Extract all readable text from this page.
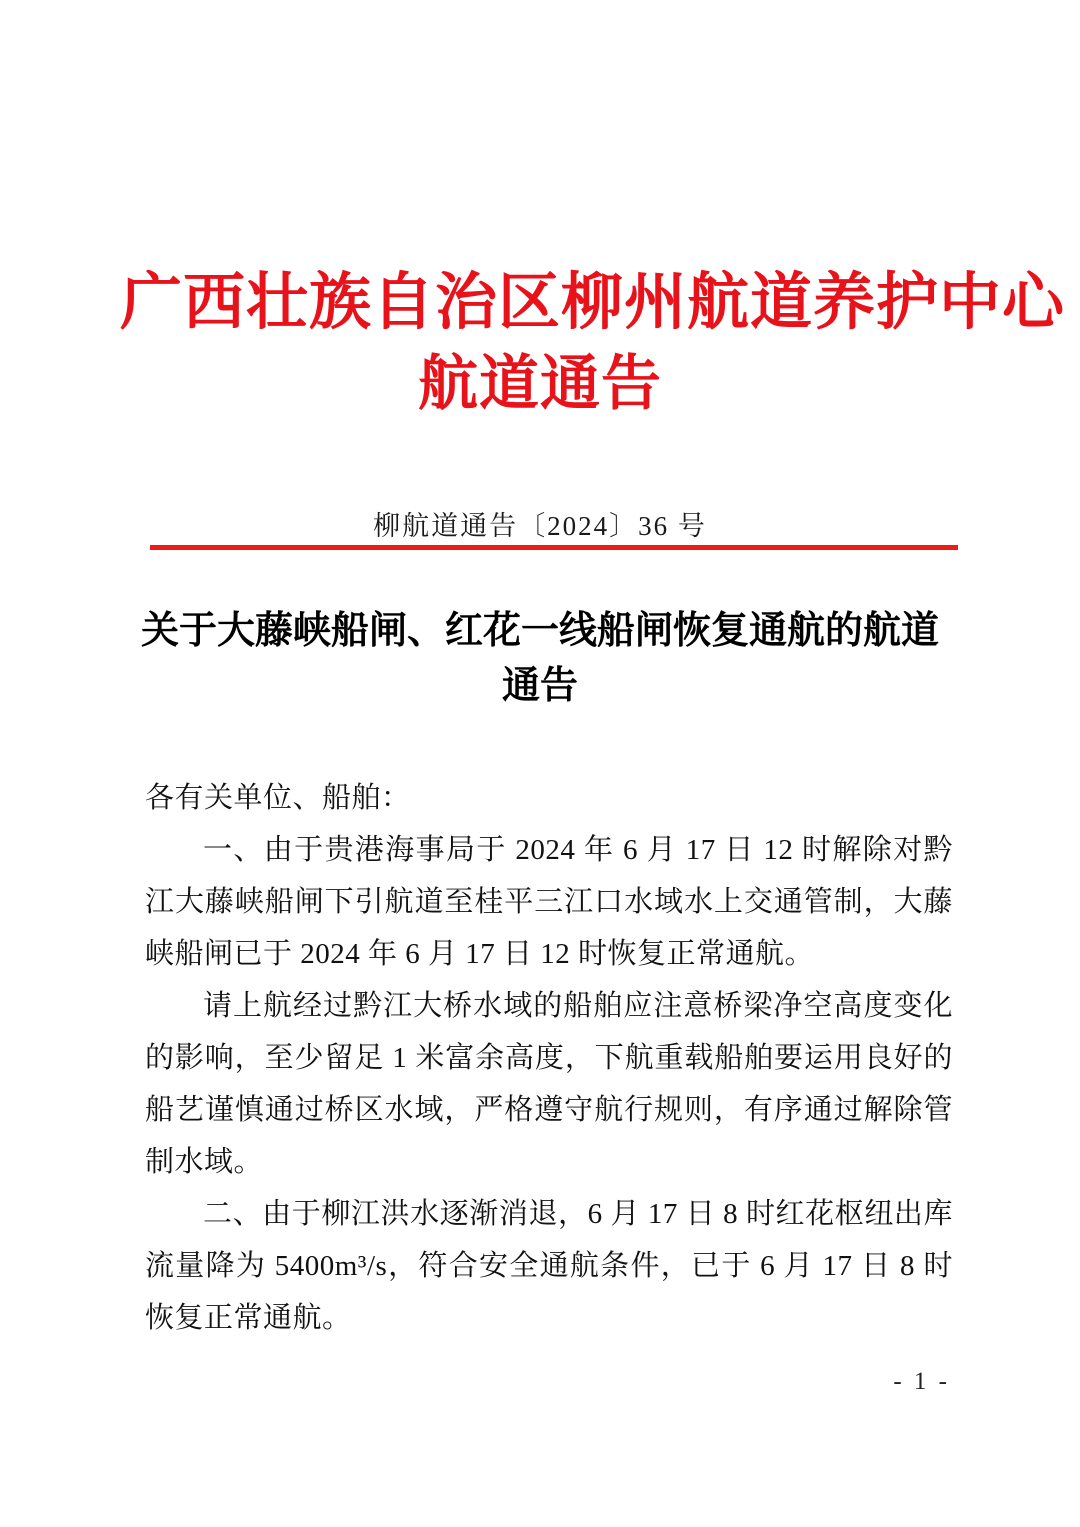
广西壮族自治区柳州航道养护中心
航道通告
柳航道通告〔2024〕36 号
关于大藤峡船闸、红花一线船闸恢复通航的航道通告

各有关单位、船舶：

一、由于贵港海事局于 2024 年 6 月 17 日 12 时解除对黔江大藤峡船闸下引航道至桂平三江口水域水上交通管制，大藤峡船闸已于 2024 年 6 月 17 日 12 时恢复正常通航。

请上航经过黔江大桥水域的船舶应注意桥梁净空高度变化的影响，至少留足 1 米富余高度，下航重载船舶要运用良好的船艺谨慎通过桥区水域，严格遵守航行规则，有序通过解除管制水域。

二、由于柳江洪水逐渐消退，6 月 17 日 8 时红花枢纽出库流量降为 5400m³/s，符合安全通航条件，已于 6 月 17 日 8 时恢复正常通航。

- 1 -
